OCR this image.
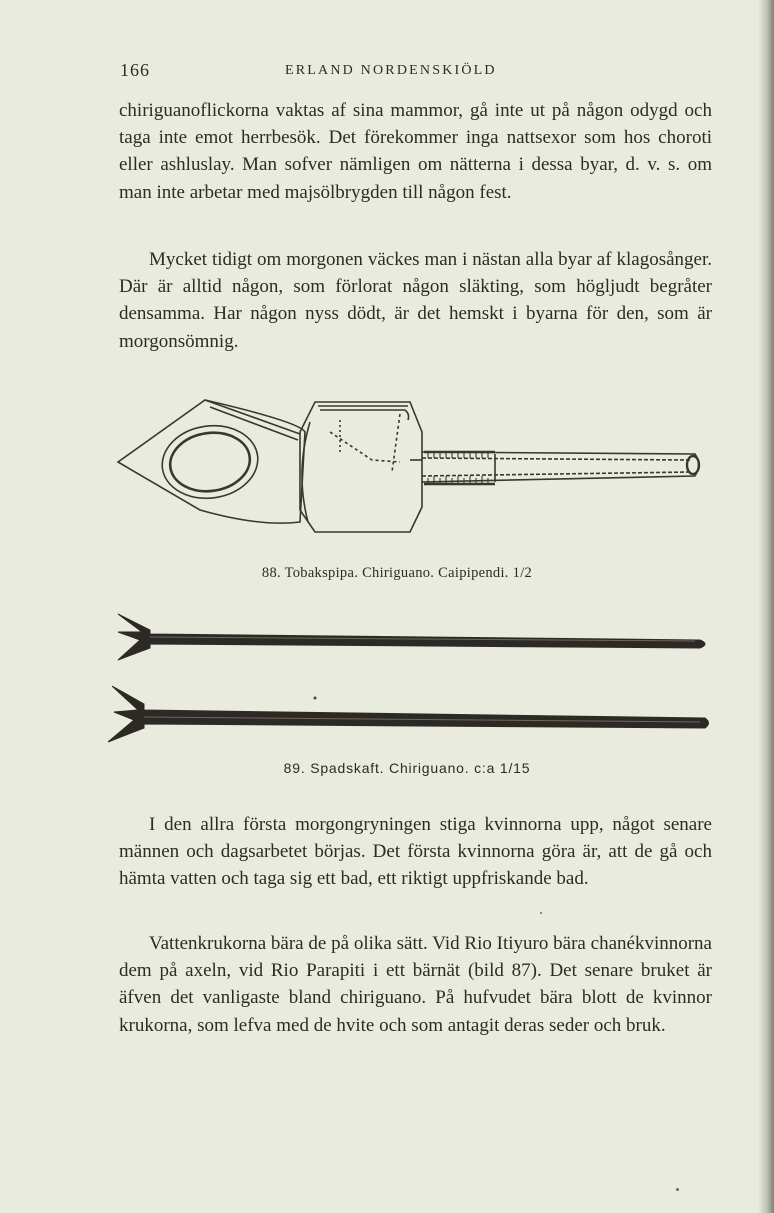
166	ERLAND NORDENSKIÖLD

chiriguanoflickorna vaktas af sina mammor, gå inte ut på någon odygd och taga inte emot herrbesök. Det förekommer inga nattsexor som hos choroti eller ashluslay. Man sofver nämligen om nätterna i dessa byar, d. v. s. om man inte arbetar med majsölbrygden till någon fest.

Mycket tidigt om morgonen väckes man i nästan alla byar af klagosånger. Där är alltid någon, som förlorat någon släkting, som högljudt begråter densamma. Har någon nyss dödt, är det hemskt i byarna för den, som är morgonsömnig.

88. Tobakspipa. Chiriguano. Caipipendi. 1/2
89. Spadskaft. Chiriguano. c:a 1/15

I den allra första morgongryningen stiga kvinnorna upp, något senare männen och dagsarbetet börjas. Det första kvinnorna göra är, att de gå och hämta vatten och taga sig ett bad, ett riktigt uppfriskande bad.

Vattenkrukorna bära de på olika sätt. Vid Rio Itiyuro bära chanékvinnorna dem på axeln, vid Rio Parapiti i ett bärnät (bild 87). Det senare bruket är äfven det vanligaste bland chiriguano. På hufvudet bära blott de kvinnor krukorna, som lefva med de hvite och som antagit deras seder och bruk.
